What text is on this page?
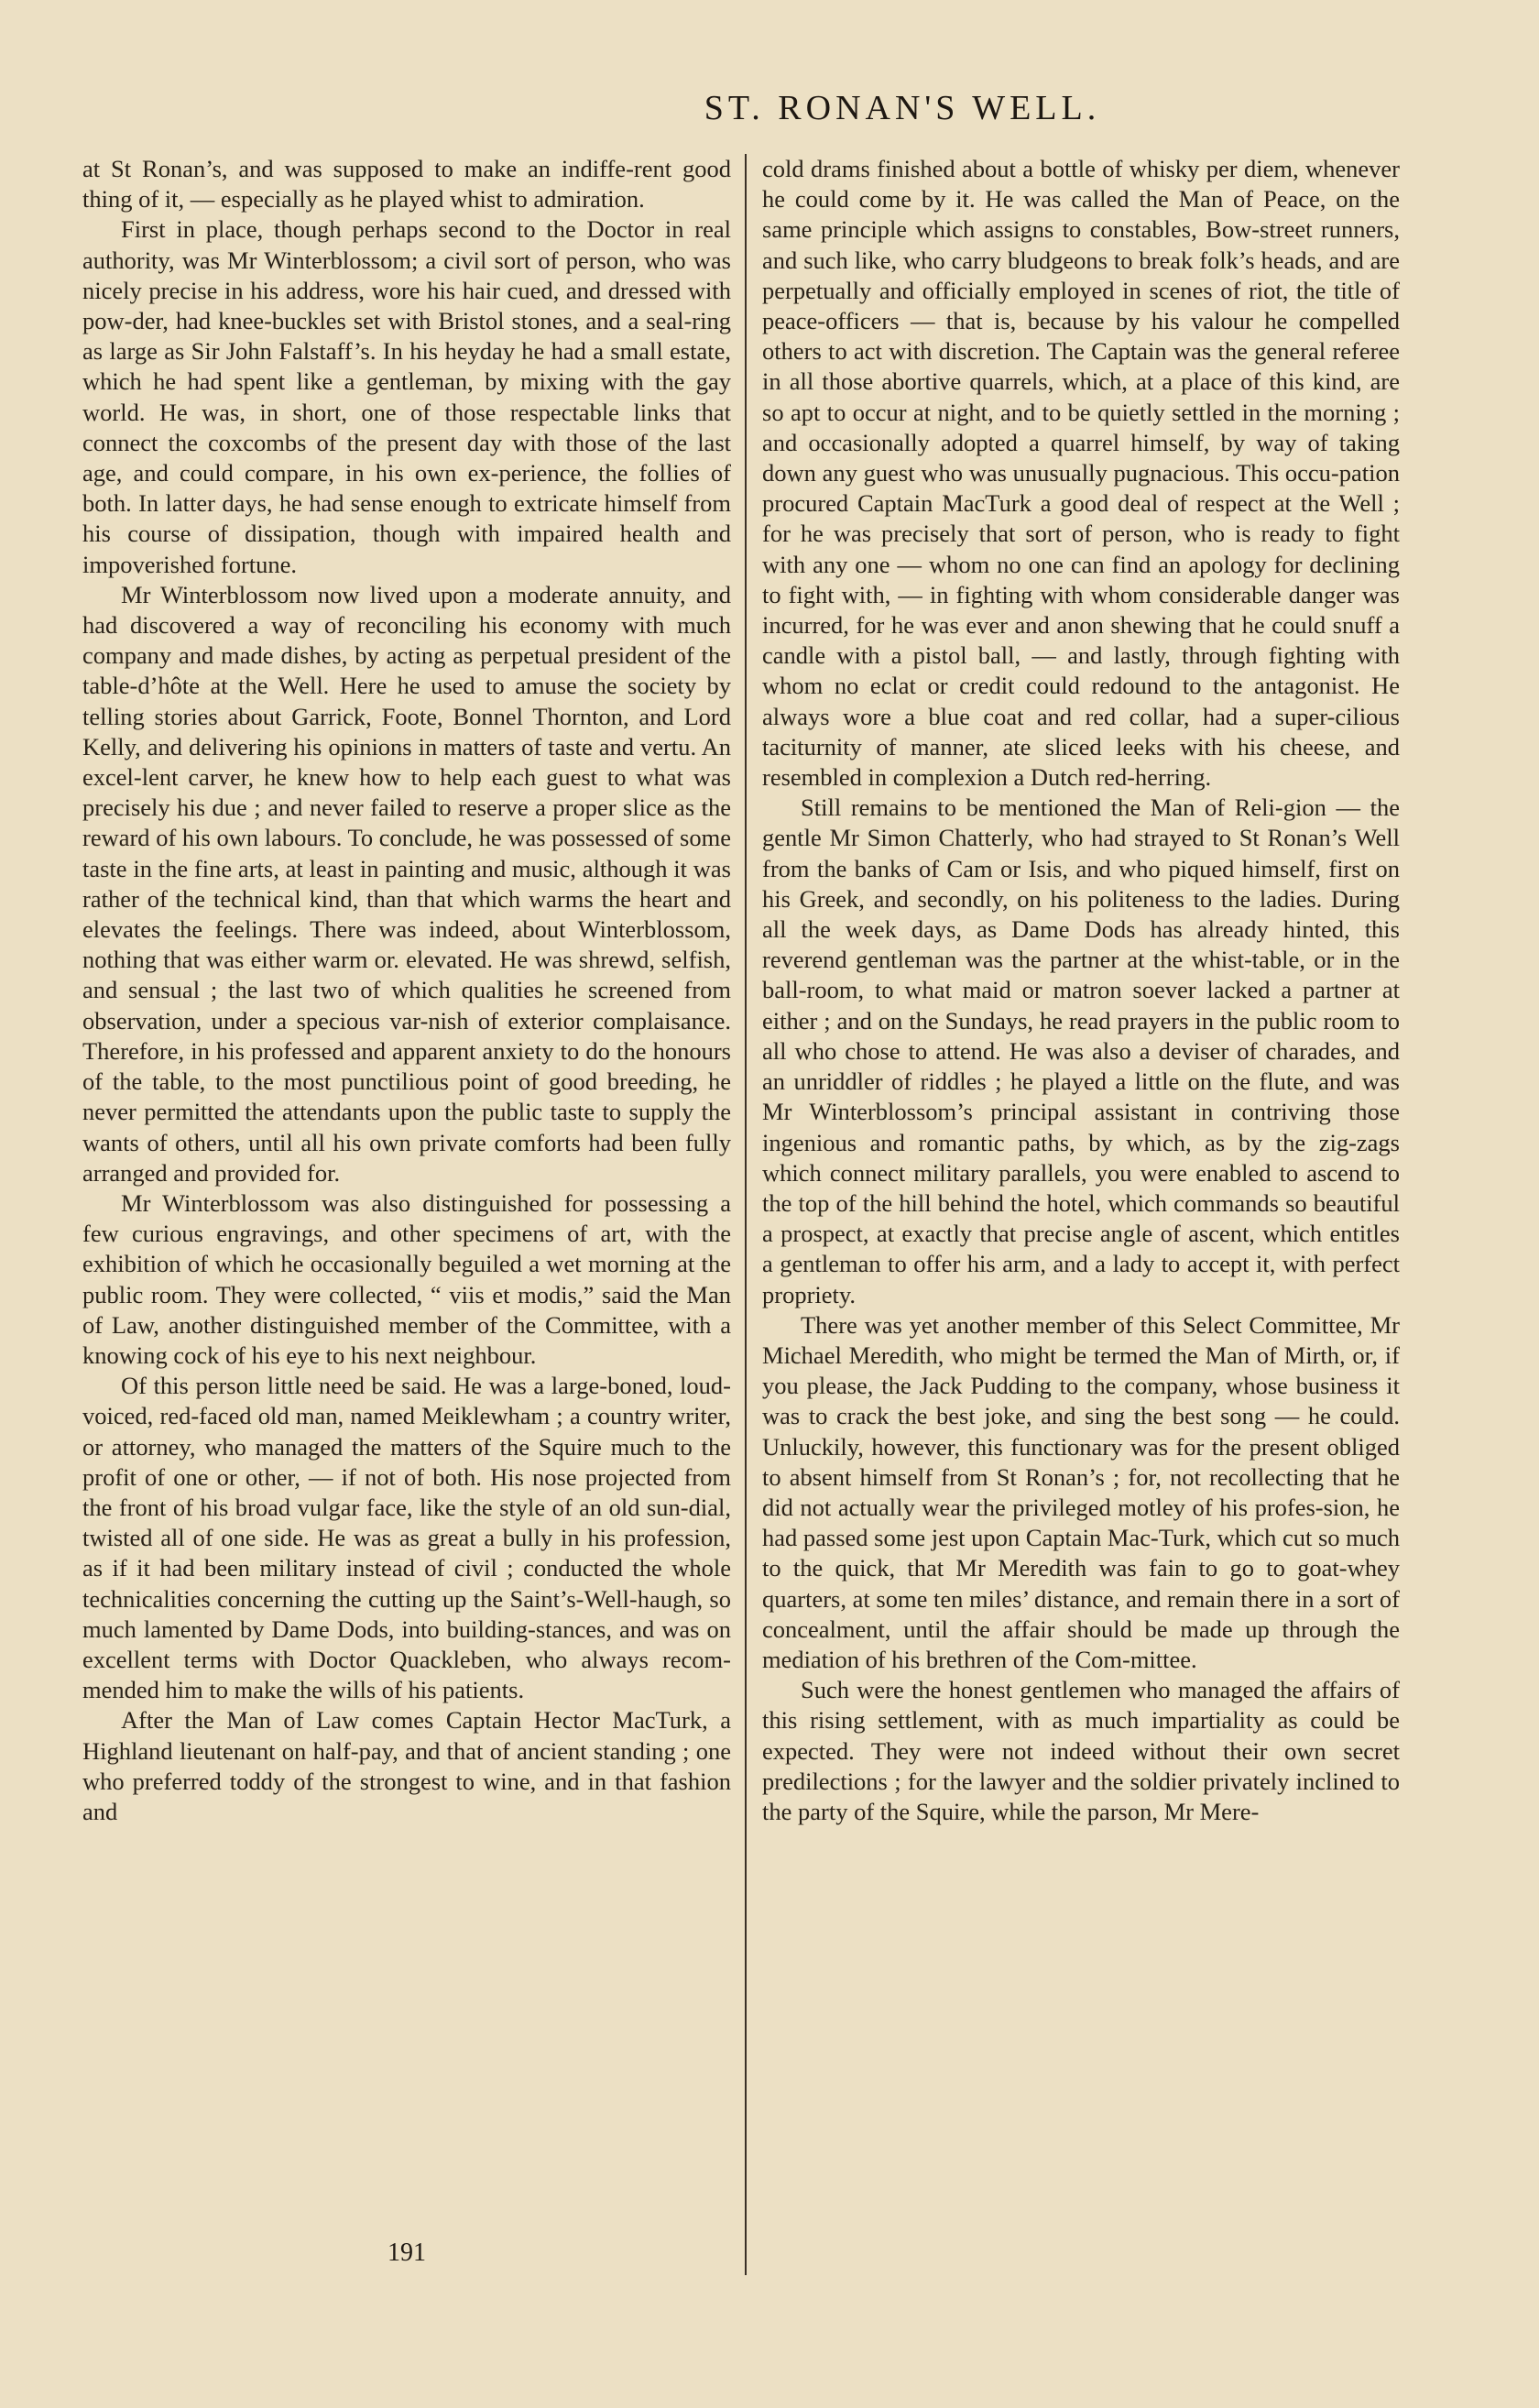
ST. RONAN'S WELL.

at St Ronan’s, and was supposed to make an indiffe-rent good thing of it, — especially as he played whist to admiration.

First in place, though perhaps second to the Doctor in real authority, was Mr Winterblossom; a civil sort of person, who was nicely precise in his address, wore his hair cued, and dressed with pow-der, had knee-buckles set with Bristol stones, and a seal-ring as large as Sir John Falstaff’s. In his heyday he had a small estate, which he had spent like a gentleman, by mixing with the gay world. He was, in short, one of those respectable links that connect the coxcombs of the present day with those of the last age, and could compare, in his own ex-perience, the follies of both. In latter days, he had sense enough to extricate himself from his course of dissipation, though with impaired health and impoverished fortune.

Mr Winterblossom now lived upon a moderate annuity, and had discovered a way of reconciling his economy with much company and made dishes, by acting as perpetual president of the table-d’hôte at the Well. Here he used to amuse the society by telling stories about Garrick, Foote, Bonnel Thornton, and Lord Kelly, and delivering his opinions in matters of taste and vertu. An excel-lent carver, he knew how to help each guest to what was precisely his due ; and never failed to reserve a proper slice as the reward of his own labours. To conclude, he was possessed of some taste in the fine arts, at least in painting and music, although it was rather of the technical kind, than that which warms the heart and elevates the feelings. There was indeed, about Winterblossom, nothing that was either warm or. elevated. He was shrewd, selfish, and sensual ; the last two of which qualities he screened from observation, under a specious var-nish of exterior complaisance. Therefore, in his professed and apparent anxiety to do the honours of the table, to the most punctilious point of good breeding, he never permitted the attendants upon the public taste to supply the wants of others, until all his own private comforts had been fully arranged and provided for.

Mr Winterblossom was also distinguished for possessing a few curious engravings, and other specimens of art, with the exhibition of which he occasionally beguiled a wet morning at the public room. They were collected, “ viis et modis,” said the Man of Law, another distinguished member of the Committee, with a knowing cock of his eye to his next neighbour.

Of this person little need be said. He was a large-boned, loud-voiced, red-faced old man, named Meiklewham ; a country writer, or attorney, who managed the matters of the Squire much to the profit of one or other, — if not of both. His nose projected from the front of his broad vulgar face, like the style of an old sun-dial, twisted all of one side. He was as great a bully in his profession, as if it had been military instead of civil ; conducted the whole technicalities concerning the cutting up the Saint’s-Well-haugh, so much lamented by Dame Dods, into building-stances, and was on excellent terms with Doctor Quackleben, who always recom-mended him to make the wills of his patients.

After the Man of Law comes Captain Hector MacTurk, a Highland lieutenant on half-pay, and that of ancient standing ; one who preferred toddy of the strongest to wine, and in that fashion and

cold drams finished about a bottle of whisky per diem, whenever he could come by it. He was called the Man of Peace, on the same principle which assigns to constables, Bow-street runners, and such like, who carry bludgeons to break folk’s heads, and are perpetually and officially employed in scenes of riot, the title of peace-officers — that is, because by his valour he compelled others to act with discretion. The Captain was the general referee in all those abortive quarrels, which, at a place of this kind, are so apt to occur at night, and to be quietly settled in the morning ; and occasionally adopted a quarrel himself, by way of taking down any guest who was unusually pugnacious. This occu-pation procured Captain MacTurk a good deal of respect at the Well ; for he was precisely that sort of person, who is ready to fight with any one — whom no one can find an apology for declining to fight with, — in fighting with whom considerable danger was incurred, for he was ever and anon shewing that he could snuff a candle with a pistol ball, — and lastly, through fighting with whom no eclat or credit could redound to the antagonist. He always wore a blue coat and red collar, had a super-cilious taciturnity of manner, ate sliced leeks with his cheese, and resembled in complexion a Dutch red-herring.

Still remains to be mentioned the Man of Reli-gion — the gentle Mr Simon Chatterly, who had strayed to St Ronan’s Well from the banks of Cam or Isis, and who piqued himself, first on his Greek, and secondly, on his politeness to the ladies. During all the week days, as Dame Dods has already hinted, this reverend gentleman was the partner at the whist-table, or in the ball-room, to what maid or matron soever lacked a partner at either ; and on the Sundays, he read prayers in the public room to all who chose to attend. He was also a deviser of charades, and an unriddler of riddles ; he played a little on the flute, and was Mr Winterblossom’s principal assistant in contriving those ingenious and romantic paths, by which, as by the zig-zags which connect military parallels, you were enabled to ascend to the top of the hill behind the hotel, which commands so beautiful a prospect, at exactly that precise angle of ascent, which entitles a gentleman to offer his arm, and a lady to accept it, with perfect propriety.

There was yet another member of this Select Committee, Mr Michael Meredith, who might be termed the Man of Mirth, or, if you please, the Jack Pudding to the company, whose business it was to crack the best joke, and sing the best song — he could. Unluckily, however, this functionary was for the present obliged to absent himself from St Ronan’s ; for, not recollecting that he did not actually wear the privileged motley of his profes-sion, he had passed some jest upon Captain Mac-Turk, which cut so much to the quick, that Mr Meredith was fain to go to goat-whey quarters, at some ten miles’ distance, and remain there in a sort of concealment, until the affair should be made up through the mediation of his brethren of the Com-mittee.

Such were the honest gentlemen who managed the affairs of this rising settlement, with as much impartiality as could be expected. They were not indeed without their own secret predilections ; for the lawyer and the soldier privately inclined to the party of the Squire, while the parson, Mr Mere-

191
